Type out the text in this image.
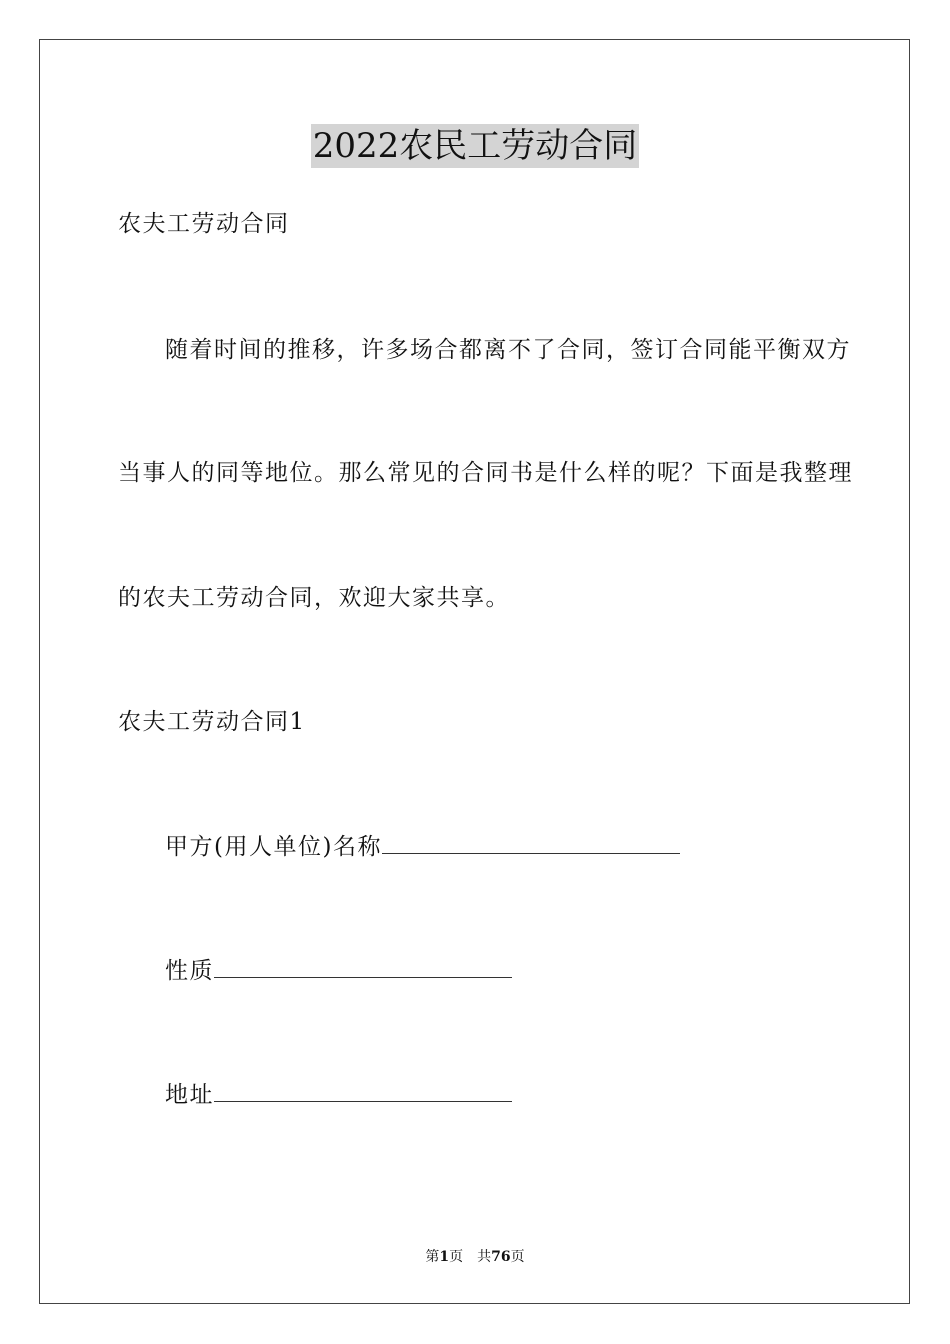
2022农民工劳动合同
农夫工劳动合同
随着时间的推移，许多场合都离不了合同，签订合同能平衡双方
当事人的同等地位。那么常见的合同书是什么样的呢？下面是我整理
的农夫工劳动合同，欢迎大家共享。
农夫工劳动合同1
甲方(用人单位)名称
性质
地址
第1页 共76页
